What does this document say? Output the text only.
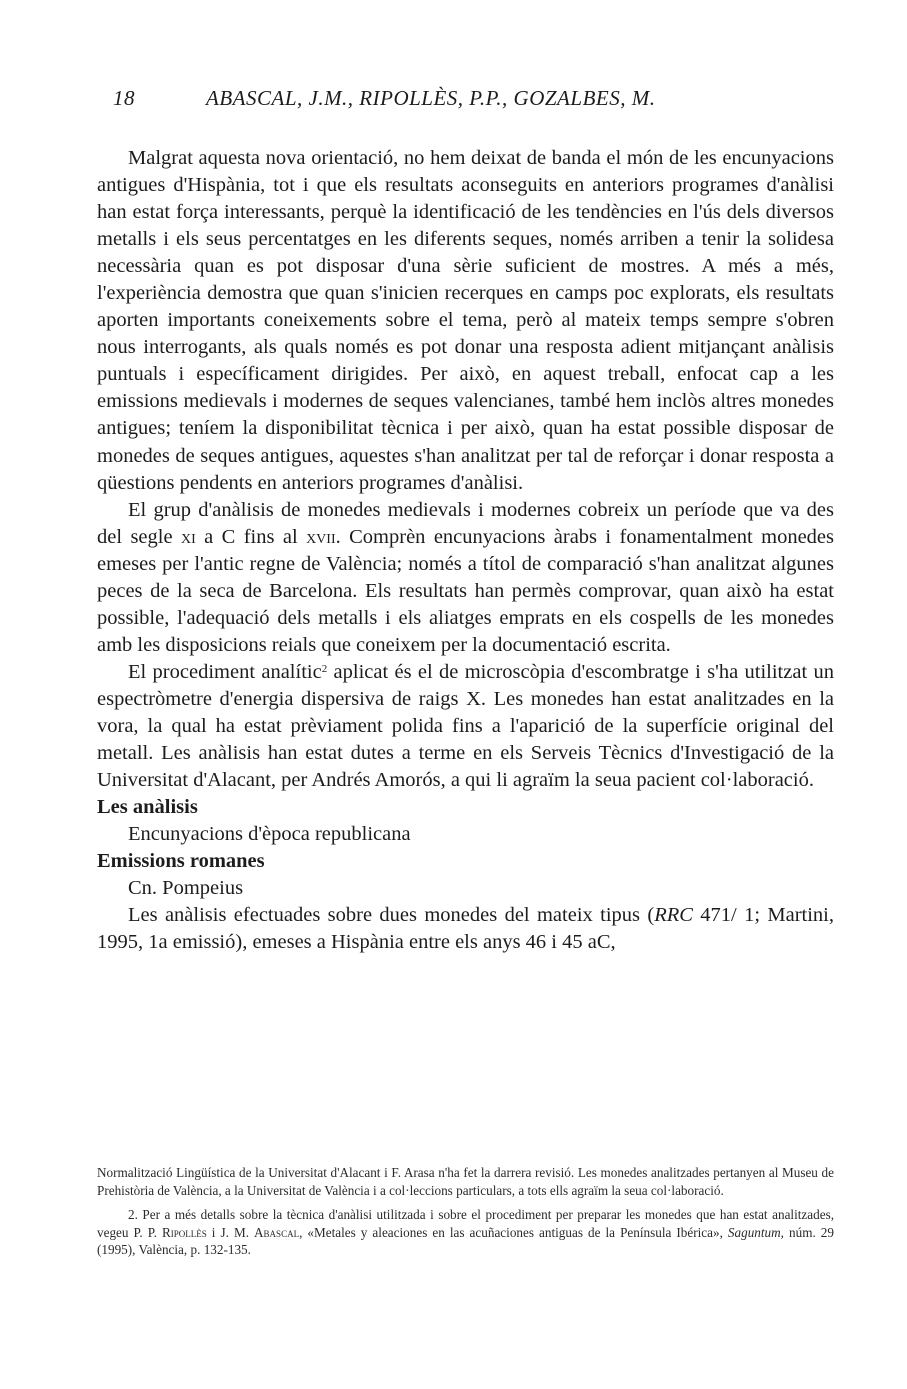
18	ABASCAL, J.M., RIPOLLÈS, P.P., GOZALBES, M.

Malgrat aquesta nova orientació, no hem deixat de banda el món de les encunyacions antigues d'Hispània, tot i que els resultats aconseguits en anteriors programes d'anàlisi han estat força interessants, perquè la identificació de les tendències en l'ús dels diversos metalls i els seus percentatges en les diferents seques, només arriben a tenir la solidesa necessària quan es pot disposar d'una sèrie suficient de mostres. A més a més, l'experiència demostra que quan s'inicien recerques en camps poc explorats, els resultats aporten importants coneixements sobre el tema, però al mateix temps sempre s'obren nous interrogants, als quals només es pot donar una resposta adient mitjançant anàlisis puntuals i específicament dirigides. Per això, en aquest treball, enfocat cap a les emissions medievals i modernes de seques valencianes, també hem inclòs altres monedes antigues; teníem la disponibilitat tècnica i per això, quan ha estat possible disposar de monedes de seques antigues, aquestes s'han analitzat per tal de reforçar i donar resposta a qüestions pendents en anteriors programes d'anàlisi.

El grup d'anàlisis de monedes medievals i modernes cobreix un període que va des del segle xi a C fins al xvii. Comprèn encunyacions àrabs i fonamentalment monedes emeses per l'antic regne de València; només a títol de comparació s'han analitzat algunes peces de la seca de Barcelona. Els resultats han permès comprovar, quan això ha estat possible, l'adequació dels metalls i els aliatges emprats en els cospells de les monedes amb les disposicions reials que coneixem per la documentació escrita.

El procediment analític$^2$ aplicat és el de microscòpia d'escombratge i s'ha utilitzat un espectròmetre d'energia dispersiva de raigs X. Les monedes han estat analitzades en la vora, la qual ha estat prèviament polida fins a l'aparició de la superfície original del metall. Les anàlisis han estat dutes a terme en els Serveis Tècnics d'Investigació de la Universitat d'Alacant, per Andrés Amorós, a qui li agraïm la seua pacient col·laboració.

Les anàlisis

Encunyacions d'època republicana

Emissions romanes

Cn. Pompeius

Les anàlisis efectuades sobre dues monedes del mateix tipus (RRC 471/ 1; Martini, 1995, 1a emissió), emeses a Hispània entre els anys 46 i 45 aC,

Normalització Lingüística de la Universitat d'Alacant i F. Arasa n'ha fet la darrera revisió. Les monedes analitzades pertanyen al Museu de Prehistòria de València, a la Universitat de València i a col·leccions particulars, a tots ells agraïm la seua col·laboració.

2. Per a més detalls sobre la tècnica d'anàlisi utilitzada i sobre el procediment per preparar les monedes que han estat analitzades, vegeu P. P. Ripollès i J. M. Abascal, «Metales y aleaciones en las acuñaciones antiguas de la Península Ibérica», Saguntum, núm. 29 (1995), València, p. 132-135.
